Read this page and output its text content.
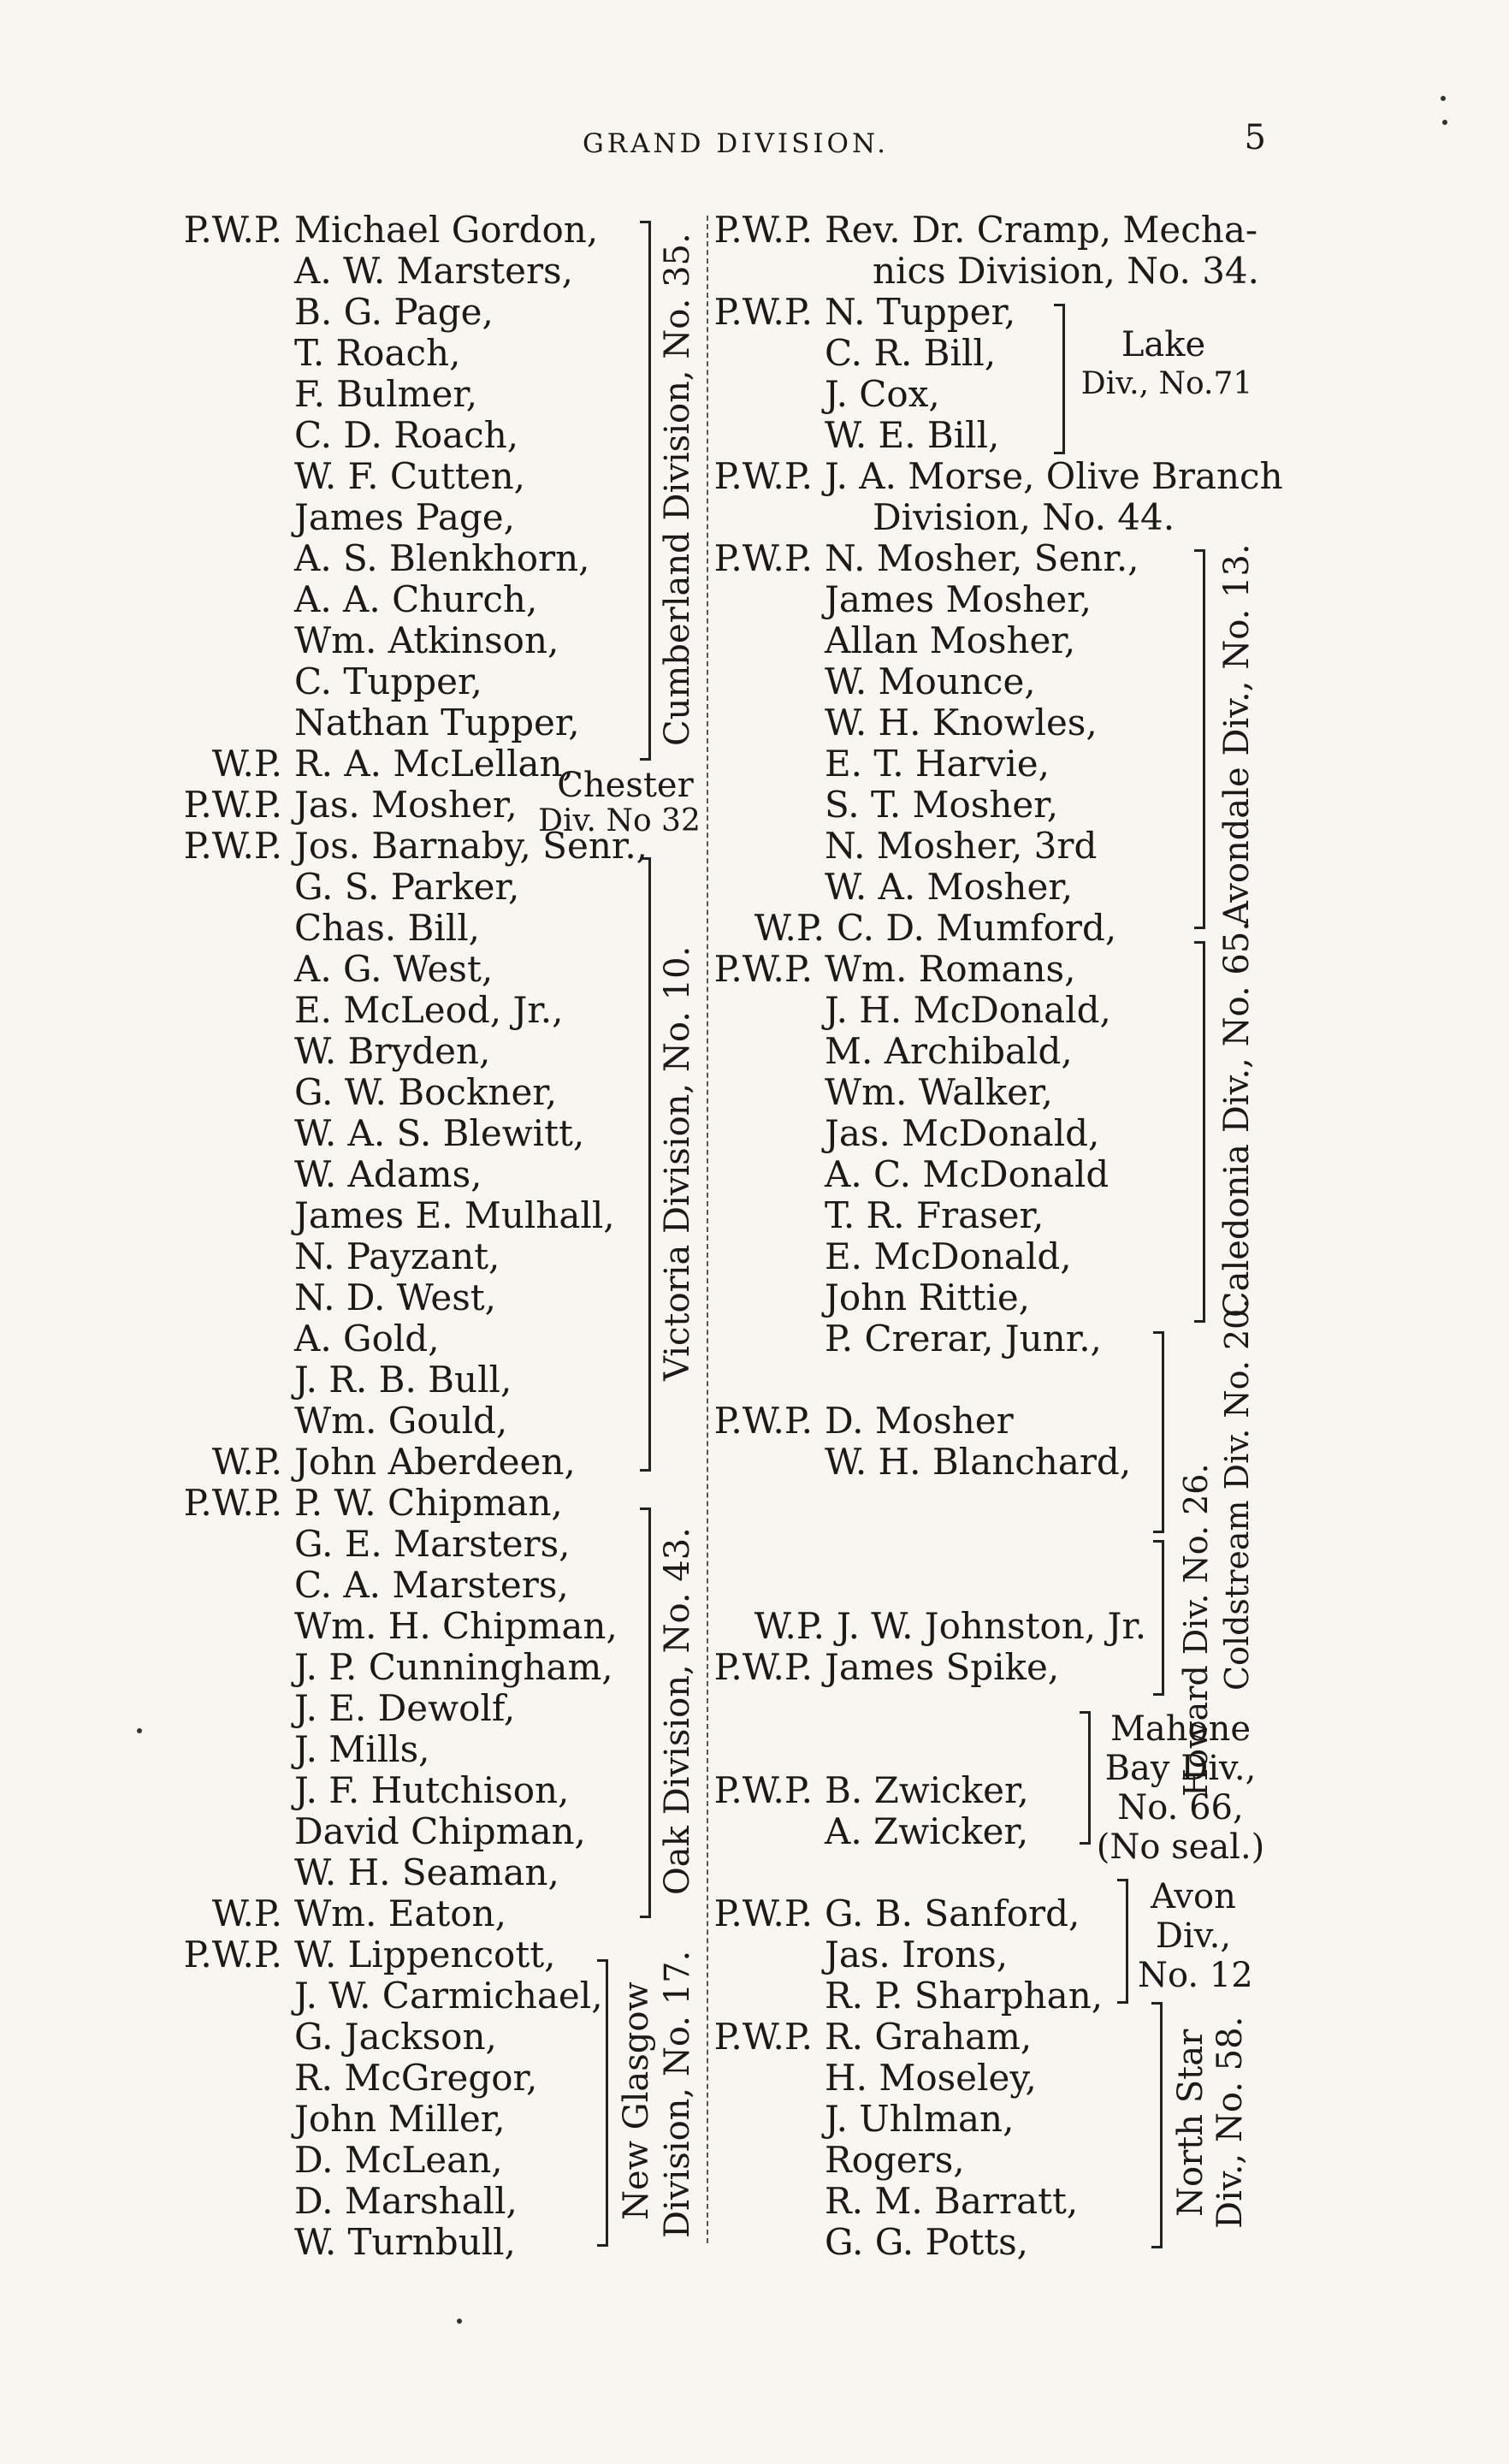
GRAND DIVISION.	5
P.W.P. Michael Gordon,
A. W. Marsters,
B. G. Page,
T. Roach,
F. Bulmer,
C. D. Roach,
W. F. Cutten,
James Page,
A. S. Blenkhorn,
A. A. Church,
Wm. Atkinson,
C. Tupper,
Nathan Tupper,
W.P. R. A. McLellan,
P.W.P. Jas. Mosher,
P.W.P. Jos. Barnaby, Senr.,
G. S. Parker,
Chas. Bill,
A. G. West,
E. McLeod, Jr.,
W. Bryden,
G. W. Bockner,
W. A. S. Blewitt,
W. Adams,
James E. Mulhall,
N. Payzant,
N. D. West,
A. Gold,
J. R. B. Bull,
Wm. Gould,
W.P. John Aberdeen,
P.W.P. P. W. Chipman,
G. E. Marsters,
C. A. Marsters,
Wm. H. Chipman,
J. P. Cunningham,
J. E. Dewolf,
J. Mills,
J. F. Hutchison,
David Chipman,
W. H. Seaman,
W.P. Wm. Eaton,
P.W.P. W. Lippencott,
J. W. Carmichael,
G. Jackson,
R. McGregor,
John Miller,
D. McLean,
D. Marshall,
W. Turnbull,
P.W.P. Rev. Dr. Cramp, Mecha-
nics Division, No. 34.
P.W.P. N. Tupper,
C. R. Bill,
J. Cox,
W. E. Bill,
P.W.P. J. A. Morse, Olive Branch
Division, No. 44.
P.W.P. N. Mosher, Senr.,
James Mosher,
Allan Mosher,
W. Mounce,
W. H. Knowles,
E. T. Harvie,
S. T. Mosher,
N. Mosher, 3rd
W. A. Mosher,
W.P. C. D. Mumford,
P.W.P. Wm. Romans,
J. H. McDonald,
M. Archibald,
Wm. Walker,
Jas. McDonald,
A. C. McDonald
T. R. Fraser,
E. McDonald,
John Rittie,
P. Crerar, Junr.,
P.W.P. D. Mosher
W. H. Blanchard,
W.P. J. W. Johnston, Jr.
P.W.P. James Spike,
P.W.P. B. Zwicker,
A. Zwicker,
P.W.P. G. B. Sanford,
Jas. Irons,
R. P. Sharphan,
P.W.P. R. Graham,
H. Moseley,
J. Uhlman,
Rogers,
R. M. Barratt,
G. G. Potts,
Cumberland Division, No. 35.
Chester
Div. No 32
Victoria Division, No. 10.
Oak Division, No. 43.
New Glasgow Division, No. 17.
Lake
Div., No.71
Avondale Div., No. 13.
Caledonia Div., No. 65.
Coldstream Div. No. 20.
Howard Div. No. 26.
Mahone
Bay Div.,
No. 66,
(No seal.)
Avon
Div.,
No. 12
North Star Div., No. 58.
